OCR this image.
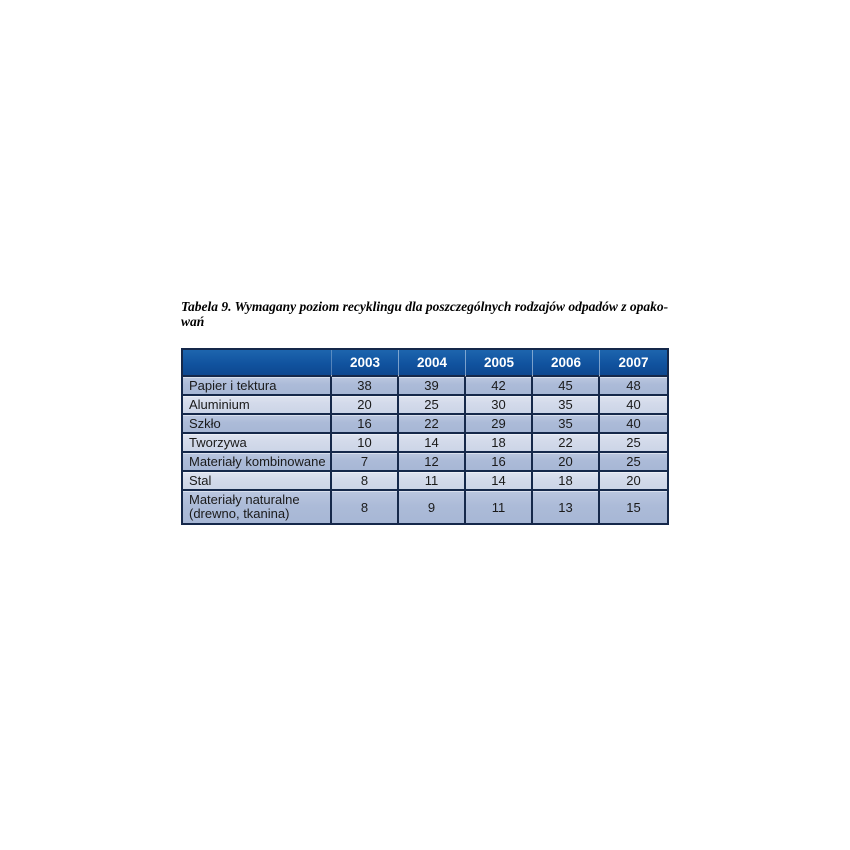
Tabela 9. Wymagany poziom recyklingu dla poszczególnych rodzajów odpadów z opako-
wań

	2003	2004	2005	2006	2007
Papier i tektura	38	39	42	45	48
Aluminium	20	25	30	35	40
Szkło	16	22	29	35	40
Tworzywa	10	14	18	22	25
Materiały kombinowane	7	12	16	20	25
Stal	8	11	14	18	20
Materiały naturalne (drewno, tkanina)	8	9	11	13	15
